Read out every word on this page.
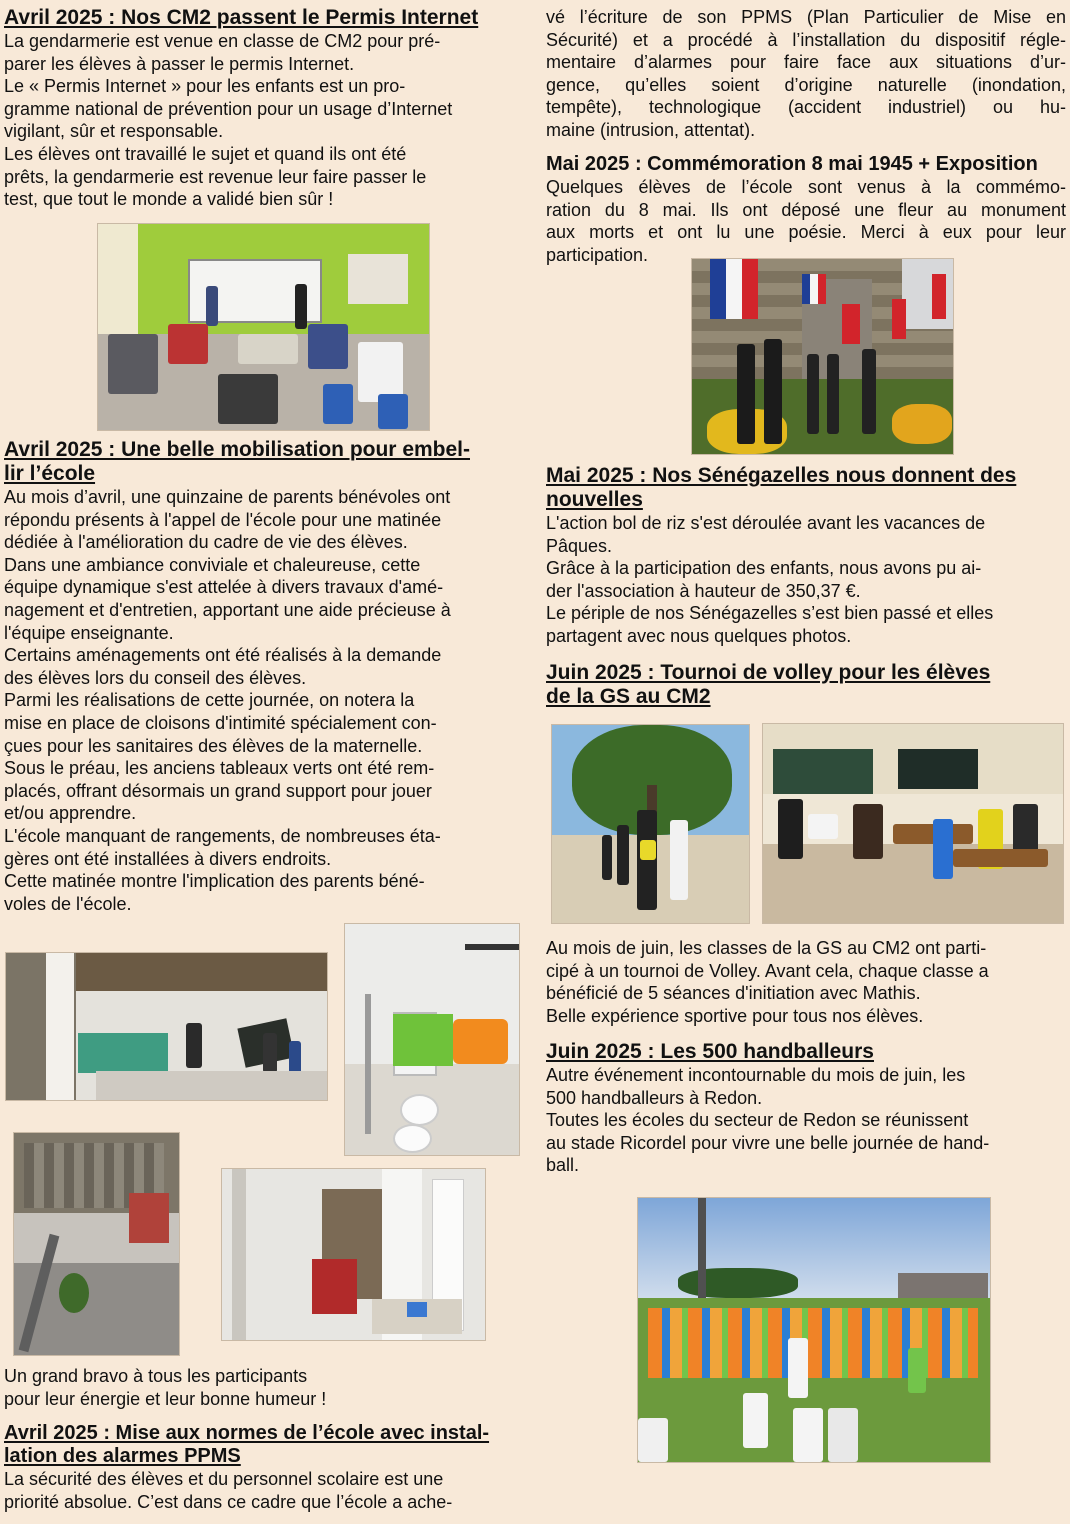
Avril 2025 : Nos CM2 passent le Permis Internet

La gendarmerie est venue en classe de CM2 pour pré-

parer les élèves à passer le permis Internet.

Le « Permis Internet » pour les enfants est un pro-

gramme national de prévention pour un usage d’Internet

vigilant, sûr et responsable.

Les élèves ont travaillé le sujet et quand ils ont été

prêts, la gendarmerie est revenue leur faire passer le

test, que tout le monde a validé bien sûr !

Avril 2025 : Une belle mobilisation pour embel-
lir l’école

Au mois d’avril, une quinzaine de parents bénévoles ont

répondu présents à l'appel de l'école pour une matinée

dédiée à l'amélioration du cadre de vie des élèves.

Dans une ambiance conviviale et chaleureuse, cette

équipe dynamique s'est attelée à divers travaux d'amé-

nagement et d'entretien, apportant une aide précieuse à

l'équipe enseignante.

Certains aménagements ont été réalisés à la demande

des élèves lors du conseil des élèves.

Parmi les réalisations de cette journée, on notera la

mise en place de cloisons d'intimité spécialement con-

çues pour les sanitaires des élèves de la maternelle.

Sous le préau, les anciens tableaux verts ont été rem-

placés, offrant désormais un grand support pour jouer

et/ou apprendre.

L'école manquant de rangements, de nombreuses éta-

gères ont été installées à divers endroits.

Cette matinée montre l'implication des parents béné-

voles de l'école.

Un grand bravo à tous les participants

pour leur énergie et leur bonne humeur !

Avril 2025 : Mise aux normes de l’école avec instal-
lation des alarmes PPMS

La sécurité des élèves et du personnel scolaire est une

priorité absolue. C’est dans ce cadre que l’école a ache-

vé l’écriture de son PPMS (Plan Particulier de Mise en

Sécurité) et a procédé à l’installation du dispositif régle-

mentaire d’alarmes pour faire face aux situations d’ur-

gence, qu’elles soient d’origine naturelle (inondation,

tempête), technologique (accident industriel) ou hu-

maine (intrusion, attentat).

Mai 2025 : Commémoration 8 mai 1945 + Exposition

Quelques élèves de l’école sont venus à la commémo-

ration du 8 mai. Ils ont déposé une fleur au monument

aux morts et ont lu une poésie. Merci à eux pour leur

participation.

Mai 2025 : Nos Sénégazelles nous donnent des
nouvelles

L'action bol de riz s'est déroulée avant les vacances de

Pâques.

Grâce à la participation des enfants, nous avons pu ai-

der l'association à hauteur de 350,37 €.

Le périple de nos Sénégazelles s’est bien passé et elles

partagent avec nous quelques photos.

Juin 2025 : Tournoi de volley pour les élèves
de la GS au CM2

Au mois de juin, les classes de la GS au CM2 ont parti-

cipé à un tournoi de Volley. Avant cela, chaque classe a

bénéficié de 5 séances d'initiation avec Mathis.

Belle expérience sportive pour tous nos élèves.

Juin 2025 : Les 500 handballeurs

Autre événement incontournable du mois de juin, les

500 handballeurs à Redon.

Toutes les écoles du secteur de Redon se réunissent

au stade Ricordel pour vivre une belle journée de hand-

ball.
